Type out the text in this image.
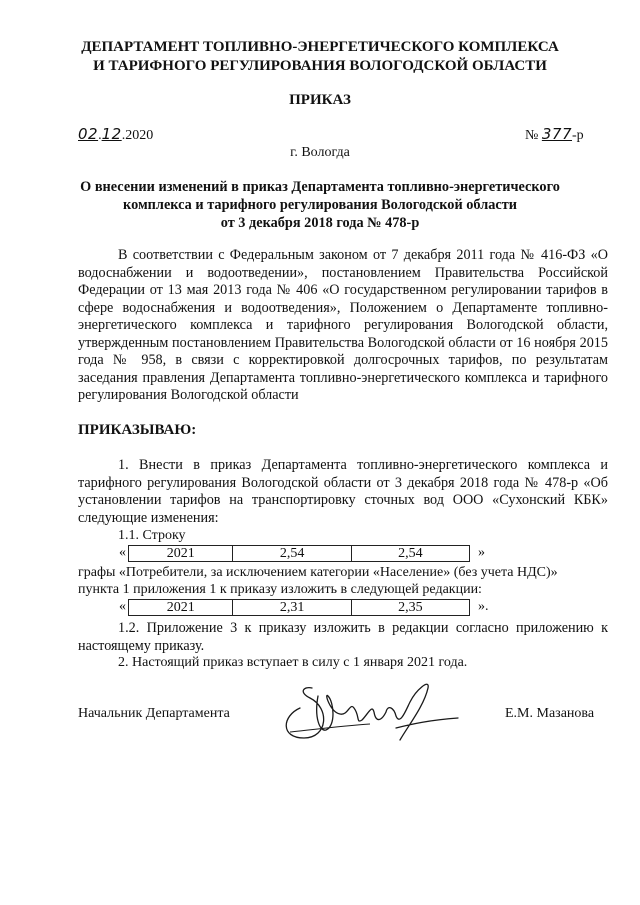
ДЕПАРТАМЕНТ ТОПЛИВНО-ЭНЕРГЕТИЧЕСКОГО КОМПЛЕКСА
И ТАРИФНОГО РЕГУЛИРОВАНИЯ ВОЛОГОДСКОЙ ОБЛАСТИ
ПРИКАЗ
02.12.2020	№ 377-р
г. Вологда
О внесении изменений в приказ Департамента топливно-энергетического
комплекса и тарифного регулирования Вологодской области
от 3 декабря 2018 года № 478-р
В соответствии с Федеральным законом от 7 декабря 2011 года № 416-ФЗ «О водоснабжении и водоотведении», постановлением Правительства Российской Федерации от 13 мая 2013 года № 406 «О государственном регулировании тарифов в сфере водоснабжения и водоотведения», Положением о Департаменте топливно-энергетического комплекса и тарифного регулирования Вологодской области, утвержденным постановлением Правительства Вологодской области от 16 ноября 2015 года № 958, в связи с корректировкой долгосрочных тарифов, по результатам заседания правления Департамента топливно-энергетического комплекса и тарифного регулирования Вологодской области
ПРИКАЗЫВАЮ:
1. Внести в приказ Департамента топливно-энергетического комплекса и тарифного регулирования Вологодской области от 3 декабря 2018 года № 478-р «Об установлении тарифов на транспортировку сточных вод ООО «Сухонский КБК» следующие изменения:
1.1. Строку
«	2021	2,54	2,54	»
графы «Потребители, за исключением категории «Население» (без учета НДС)»
пункта 1 приложения 1 к приказу изложить в следующей редакции:
«	2021	2,31	2,35	».
1.2. Приложение 3 к приказу изложить в редакции согласно приложению к настоящему приказу.
2. Настоящий приказ вступает в силу с 1 января 2021 года.
Начальник Департамента	Е.М. Мазанова
